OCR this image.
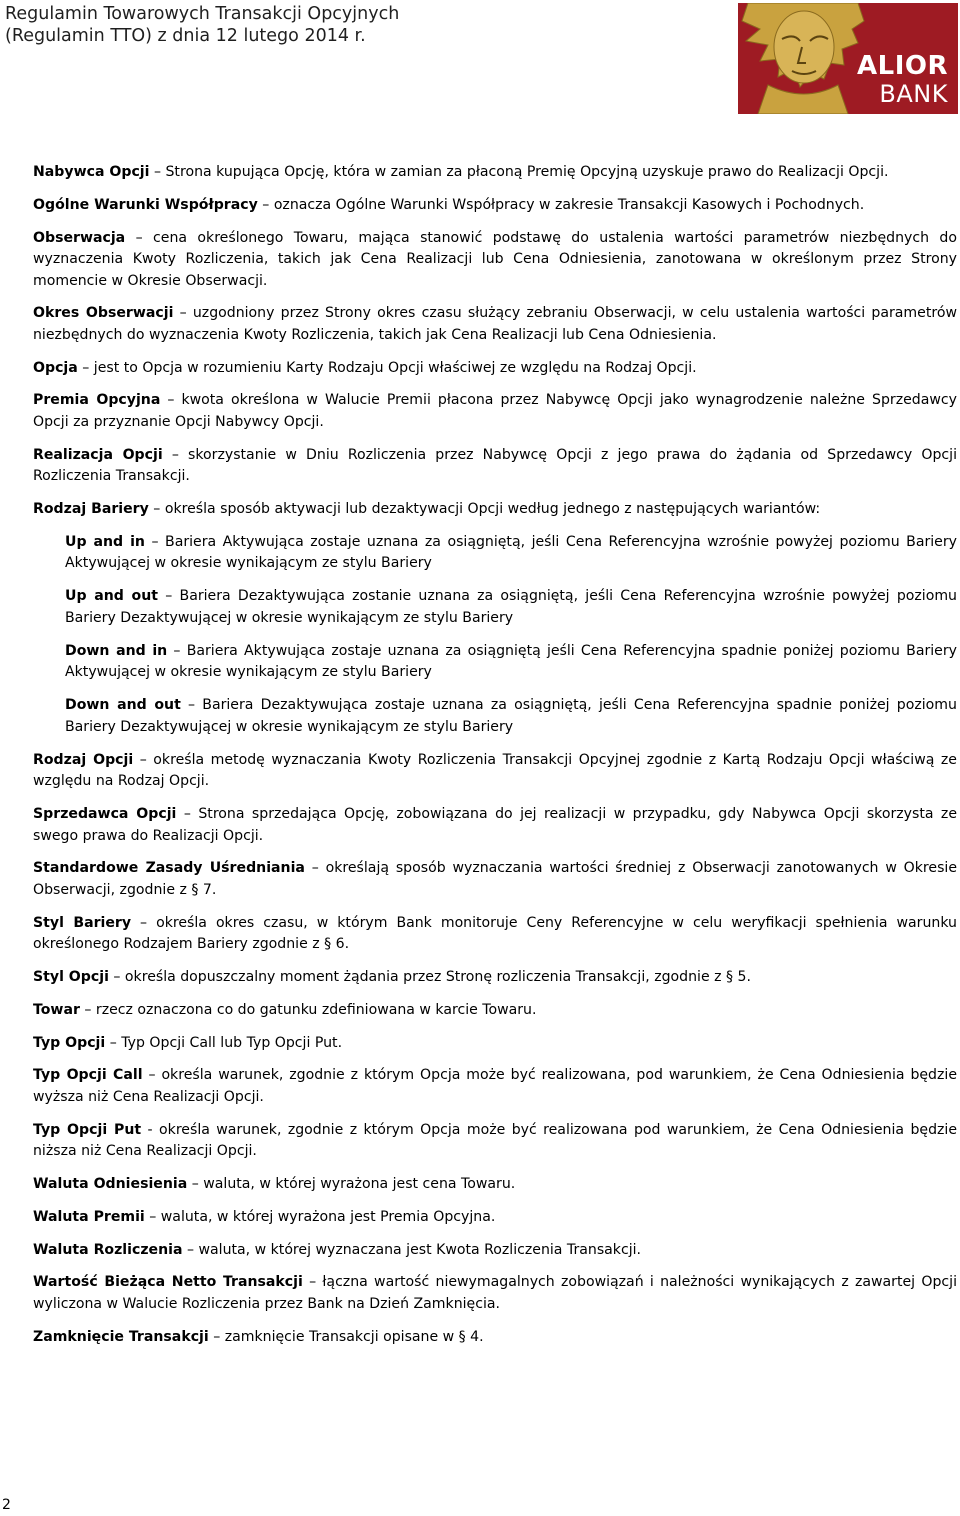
Regulamin Towarowych Transakcji Opcyjnych
(Regulamin TTO) z dnia 12 lutego 2014 r.
ALIOR
BANK
Nabywca Opcji – Strona kupująca Opcję, która w zamian za płaconą Premię Opcyjną uzyskuje prawo do Realizacji Opcji.
Ogólne Warunki Współpracy – oznacza Ogólne Warunki Współpracy w zakresie Transakcji Kasowych i Pochodnych.
Obserwacja – cena określonego Towaru, mająca stanowić podstawę do ustalenia wartości parametrów niezbędnych do wyznaczenia Kwoty Rozliczenia, takich jak Cena Realizacji lub Cena Odniesienia, zanotowana w określonym przez Strony momencie w Okresie Obserwacji.
Okres Obserwacji – uzgodniony przez Strony okres czasu służący zebraniu Obserwacji, w celu ustalenia wartości parametrów niezbędnych do wyznaczenia Kwoty Rozliczenia, takich jak Cena Realizacji lub Cena Odniesienia.
Opcja – jest to Opcja w rozumieniu Karty Rodzaju Opcji właściwej ze względu na Rodzaj Opcji.
Premia Opcyjna – kwota określona w Walucie Premii płacona przez Nabywcę Opcji jako wynagrodzenie należne Sprzedawcy Opcji za przyznanie Opcji Nabywcy Opcji.
Realizacja Opcji – skorzystanie w Dniu Rozliczenia przez Nabywcę Opcji z jego prawa do żądania od Sprzedawcy Opcji Rozliczenia Transakcji.
Rodzaj Bariery – określa sposób aktywacji lub dezaktywacji Opcji według jednego z następujących wariantów:
Up and in – Bariera Aktywująca zostaje uznana za osiągniętą, jeśli Cena Referencyjna wzrośnie powyżej poziomu Bariery Aktywującej w okresie wynikającym ze stylu Bariery
Up and out – Bariera Dezaktywująca zostanie uznana za osiągniętą, jeśli Cena Referencyjna wzrośnie powyżej poziomu Bariery Dezaktywującej w okresie wynikającym ze stylu Bariery
Down and in – Bariera Aktywująca zostaje uznana za osiągniętą jeśli Cena Referencyjna spadnie poniżej poziomu Bariery Aktywującej w okresie wynikającym ze stylu Bariery
Down and out – Bariera Dezaktywująca zostaje uznana za osiągniętą, jeśli Cena Referencyjna spadnie poniżej poziomu Bariery Dezaktywującej w okresie wynikającym ze stylu Bariery
Rodzaj Opcji – określa metodę wyznaczania Kwoty Rozliczenia Transakcji Opcyjnej zgodnie z Kartą Rodzaju Opcji właściwą ze względu na Rodzaj Opcji.
Sprzedawca Opcji – Strona sprzedająca Opcję, zobowiązana do jej realizacji w przypadku, gdy Nabywca Opcji skorzysta ze swego prawa do Realizacji Opcji.
Standardowe Zasady Uśredniania – określają sposób wyznaczania wartości średniej z Obserwacji zanotowanych w Okresie Obserwacji, zgodnie z § 7.
Styl Bariery – określa okres czasu, w którym Bank monitoruje Ceny Referencyjne w celu weryfikacji spełnienia warunku określonego Rodzajem Bariery zgodnie z § 6.
Styl Opcji – określa dopuszczalny moment żądania przez Stronę rozliczenia Transakcji, zgodnie z § 5.
Towar – rzecz oznaczona co do gatunku zdefiniowana w karcie Towaru.
Typ Opcji – Typ Opcji Call lub Typ Opcji Put.
Typ Opcji Call – określa warunek, zgodnie z którym Opcja może być realizowana, pod warunkiem, że Cena Odniesienia będzie wyższa niż Cena Realizacji Opcji.
Typ Opcji Put - określa warunek, zgodnie z którym Opcja może być realizowana pod warunkiem, że Cena Odniesienia będzie niższa niż Cena Realizacji Opcji.
Waluta Odniesienia – waluta, w której wyrażona jest cena Towaru.
Waluta Premii – waluta, w której wyrażona jest Premia Opcyjna.
Waluta Rozliczenia – waluta, w której wyznaczana jest Kwota Rozliczenia Transakcji.
Wartość Bieżąca Netto Transakcji – łączna wartość niewymagalnych zobowiązań i należności wynikających z zawartej Opcji wyliczona w Walucie Rozliczenia przez Bank na Dzień Zamknięcia.
Zamknięcie Transakcji – zamknięcie Transakcji opisane w § 4.
2
